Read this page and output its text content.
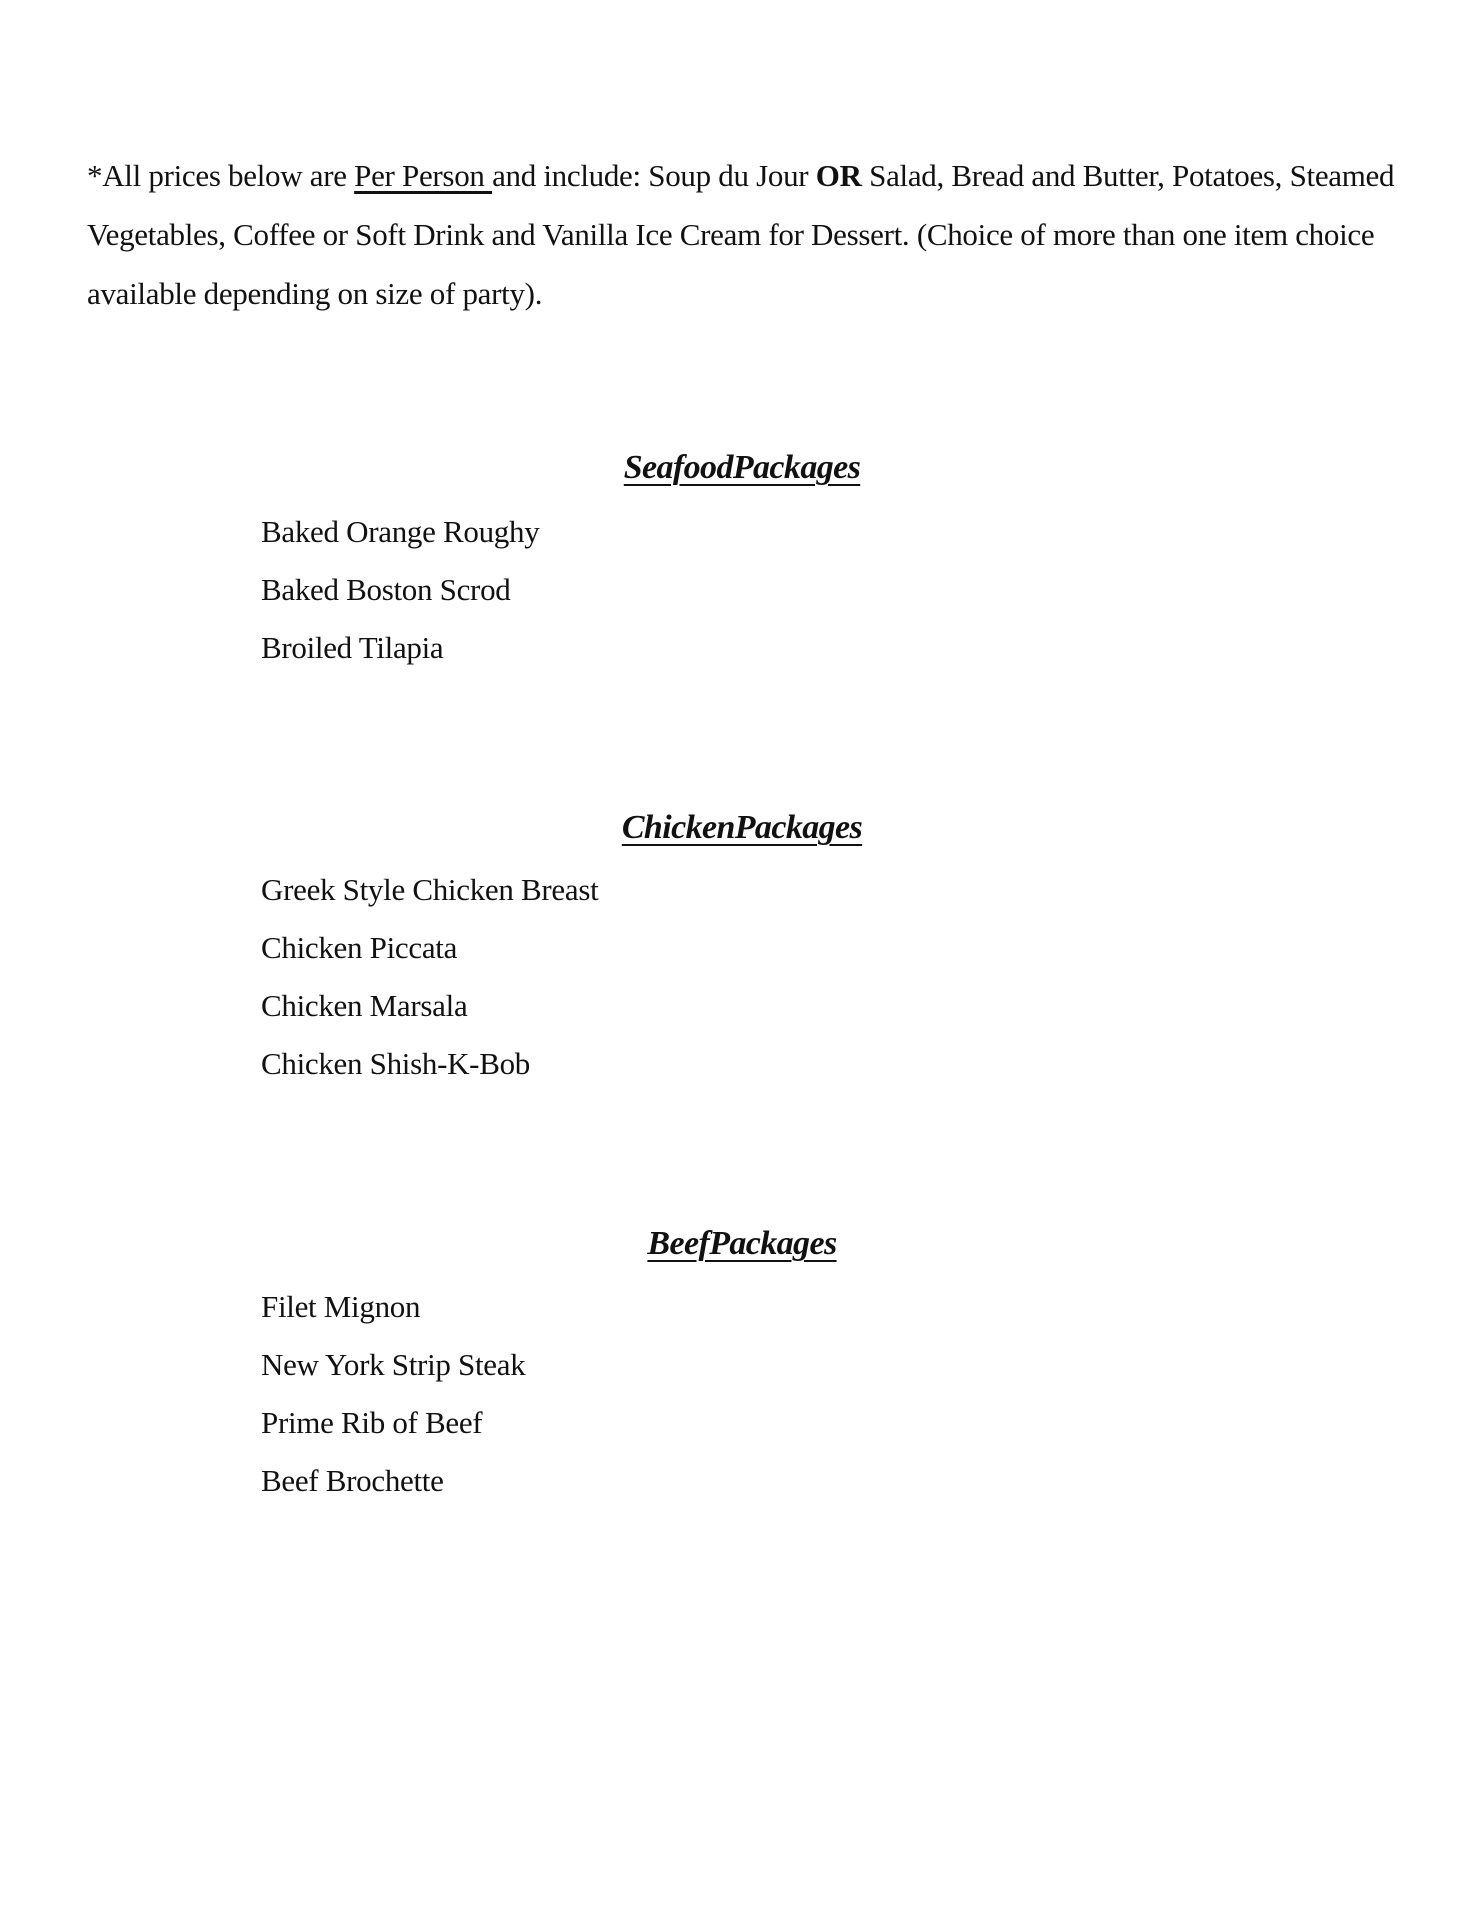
*All prices below are Per Person and include: Soup du Jour OR Salad, Bread and Butter, Potatoes, Steamed Vegetables, Coffee or Soft Drink and Vanilla Ice Cream for Dessert. (Choice of more than one item choice available depending on size of party).

SeafoodPackages
Baked Orange Roughy
Baked Boston Scrod
Broiled Tilapia
ChickenPackages
Greek Style Chicken Breast
Chicken Piccata
Chicken Marsala
Chicken Shish-K-Bob
BeefPackages
Filet Mignon
New York Strip Steak
Prime Rib of Beef
Beef Brochette
